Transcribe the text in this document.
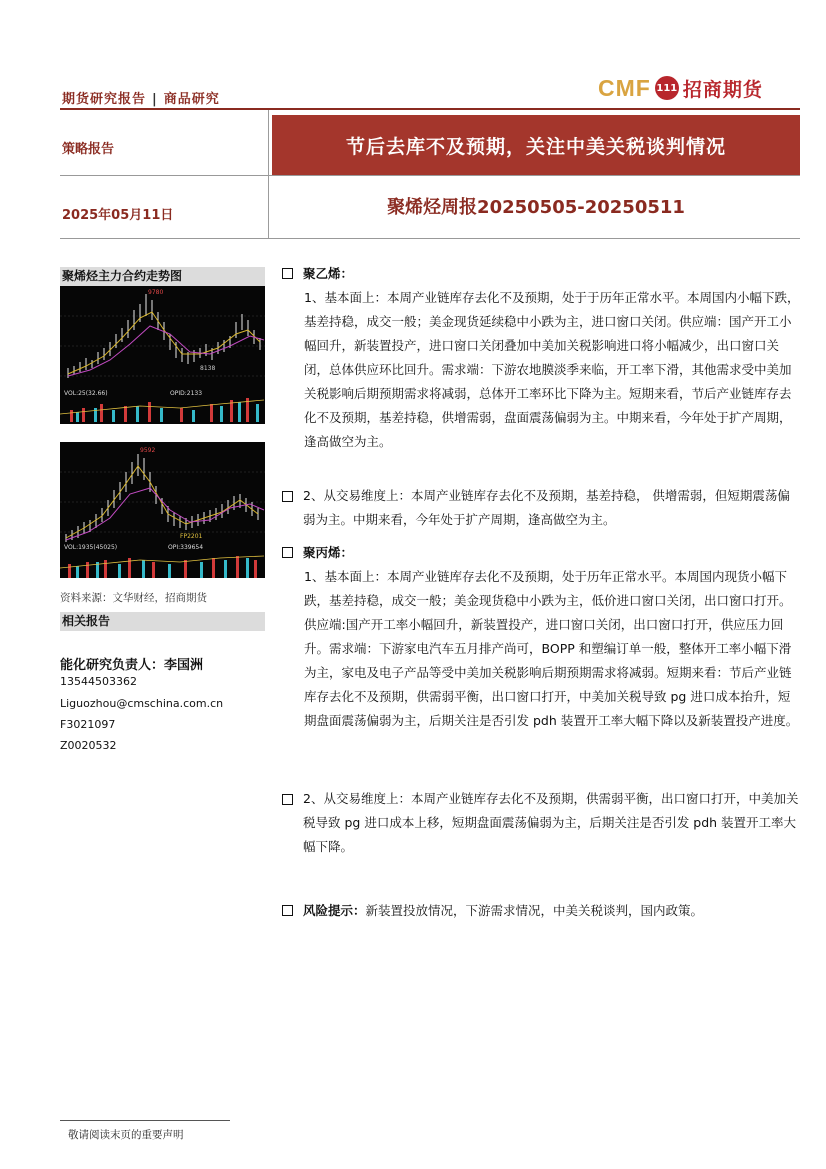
期货研究报告 | 商品研究	CMF 111 招商期货
策略报告	节后去库不及预期，关注中美关税谈判情况
2025年05月11日	聚烯烃周报20250505-20250511
聚烯烃主力合约走势图
9780
8138
VOL:25(32.66)	OPID:2133
9592
FP2201
VOL:1935(45025)	OPI:339654
资料来源：文华财经，招商期货
相关报告
能化研究负责人：李国洲
13544503362
Liguozhou@cmschina.com.cn
F3021097
Z0020532

聚乙烯：

1、基本面上：本周产业链库存去化不及预期，处于于历年正常水平。本周国内小幅下跌，基差持稳，成交一般；美金现货延续稳中小跌为主，进口窗口关闭。供应端：国产开工小幅回升，新装置投产，进口窗口关闭叠加中美加关税影响进口将小幅减少，出口窗口关闭，总体供应环比回升。需求端：下游农地膜淡季来临，开工率下滑，其他需求受中美加关税影响后期预期需求将减弱，总体开工率环比下降为主。短期来看，节后产业链库存去化不及预期，基差持稳，供增需弱，盘面震荡偏弱为主。中期来看，今年处于扩产周期，逢高做空为主。

2、从交易维度上：本周产业链库存去化不及预期，基差持稳， 供增需弱，但短期震荡偏弱为主。中期来看，今年处于扩产周期，逢高做空为主。

聚丙烯：

1、基本面上：本周产业链库存去化不及预期，处于历年正常水平。本周国内现货小幅下跌，基差持稳，成交一般；美金现货稳中小跌为主，低价进口窗口关闭，出口窗口打开。供应端:国产开工率小幅回升，新装置投产，进口窗口关闭，出口窗口打开，供应压力回升。需求端：下游家电汽车五月排产尚可，BOPP 和塑编订单一般，整体开工率小幅下滑为主，家电及电子产品等受中美加关税影响后期预期需求将减弱。短期来看：节后产业链库存去化不及预期，供需弱平衡，出口窗口打开，中美加关税导致 pg 进口成本抬升，短期盘面震荡偏弱为主，后期关注是否引发 pdh 装置开工率大幅下降以及新装置投产进度。

2、从交易维度上：本周产业链库存去化不及预期，供需弱平衡，出口窗口打开，中美加关税导致 pg 进口成本上移，短期盘面震荡偏弱为主，后期关注是否引发 pdh 装置开工率大幅下降。

风险提示：新装置投放情况，下游需求情况，中美关税谈判，国内政策。

敬请阅读末页的重要声明
